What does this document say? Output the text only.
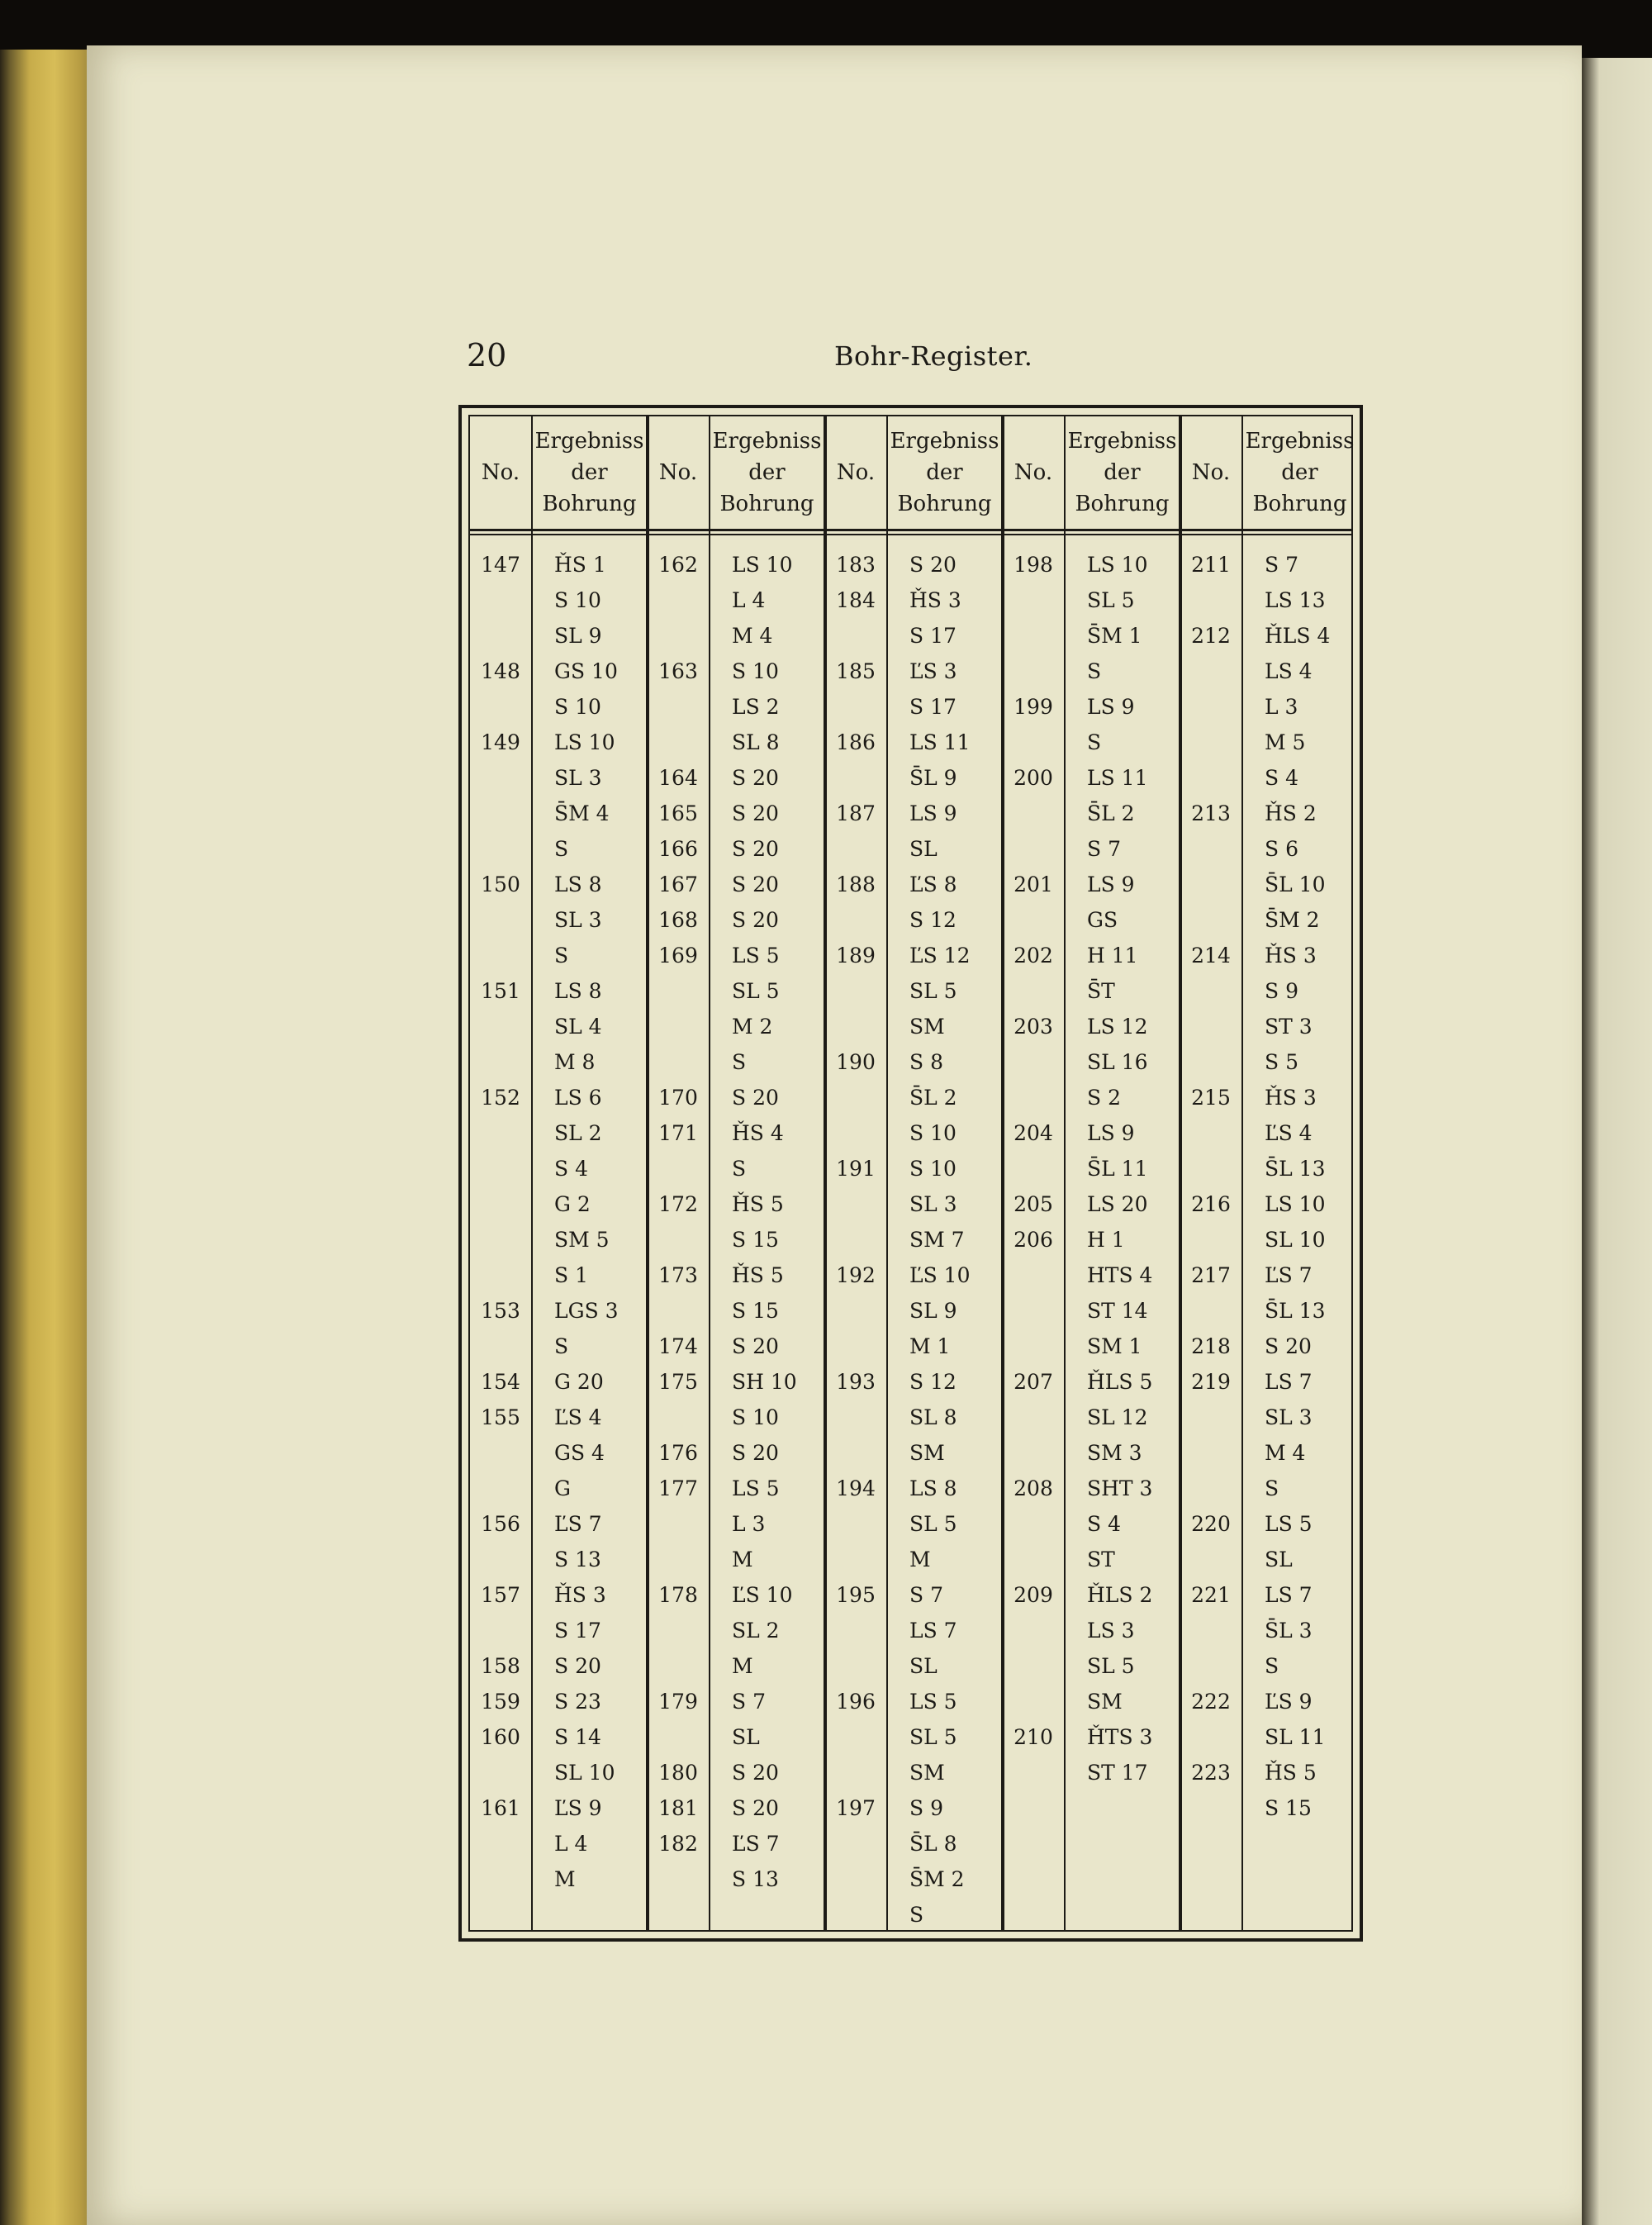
20	Bohr-Register.
No.
Ergebniss
der
Bohrung
147	ȞS 1
S 10
SL 9
148	GS 10
S 10
149	LS 10
SL 3
S̄M 4
S
150	LS 8
SL 3
S
151	LS 8
SL 4
M 8
152	LS 6
SL 2
S 4
G 2
SM 5
S 1
153	LGS 3
S
154	G 20
155	ĽS 4
GS 4
G
156	ĽS 7
S 13
157	ȞS 3
S 17
158	S 20
159	S 23
160	S 14
SL 10
161	ĽS 9
L 4
M
No.
Ergebniss
der
Bohrung
162	LS 10
L 4
M 4
163	S 10
LS 2
SL 8
164	S 20
165	S 20
166	S 20
167	S 20
168	S 20
169	LS 5
SL 5
M 2
S
170	S 20
171	ȞS 4
S
172	ȞS 5
S 15
173	ȞS 5
S 15
174	S 20
175	SH 10
S 10
176	S 20
177	LS 5
L 3
M
178	ĽS 10
SL 2
M
179	S 7
SL
180	S 20
181	S 20
182	ĽS 7
S 13
No.
Ergebniss
der
Bohrung
183	S 20
184	ȞS 3
S 17
185	ĽS 3
S 17
186	LS 11
S̄L 9
187	LS 9
SL
188	ĽS 8
S 12
189	ĽS 12
SL 5
SM
190	S 8
S̄L 2
S 10
191	S 10
SL 3
SM 7
192	ĽS 10
SL 9
M 1
193	S 12
SL 8
SM
194	LS 8
SL 5
M
195	S 7
LS 7
SL
196	LS 5
SL 5
SM
197	S 9
S̄L 8
S̄M 2
S
No.
Ergebniss
der
Bohrung
198	LS 10
SL 5
S̄M 1
S
199	LS 9
S
200	LS 11
S̄L 2
S 7
201	LS 9
GS
202	H 11
S̄T
203	LS 12
SL 16
S 2
204	LS 9
S̄L 11
205	LS 20
206	H 1
HTS 4
ST 14
SM 1
207	ȞLS 5
SL 12
SM 3
208	SHT 3
S 4
ST
209	ȞLS 2
LS 3
SL 5
SM
210	ȞTS 3
ST 17
No.
Ergebniss
der
Bohrung
211	S 7
LS 13
212	ȞLS 4
LS 4
L 3
M 5
S 4
213	ȞS 2
S 6
S̄L 10
S̄M 2
214	ȞS 3
S 9
ST 3
S 5
215	ȞS 3
ĽS 4
S̄L 13
216	LS 10
SL 10
217	ĽS 7
S̄L 13
218	S 20
219	LS 7
SL 3
M 4
S
220	LS 5
SL
221	LS 7
S̄L 3
S
222	ĽS 9
SL 11
223	ȞS 5
S 15
